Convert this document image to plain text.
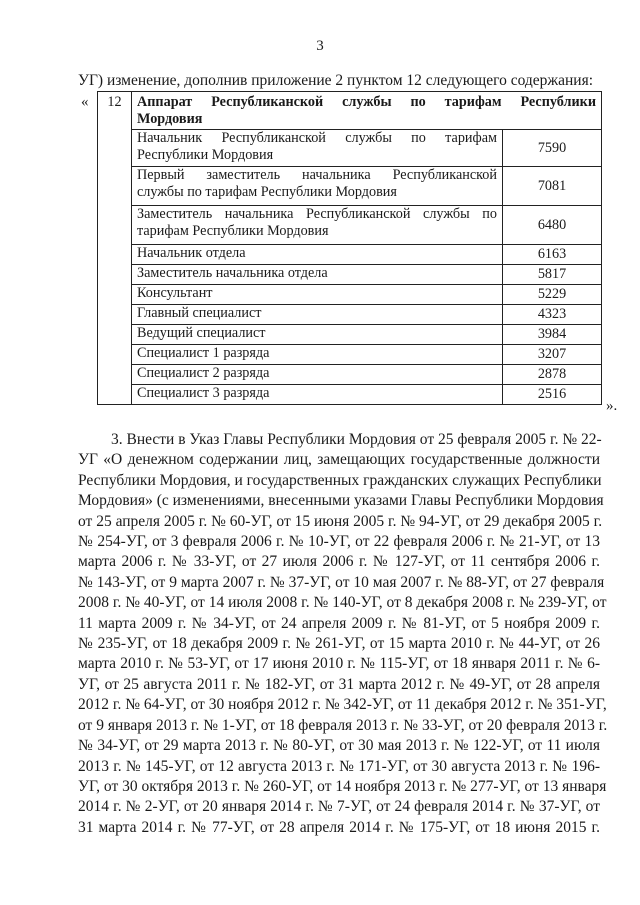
3
УГ) изменение, дополнив приложение 2 пунктом 12 следующего содержания:
« 12	Аппарат Республиканской службы по тарифам Республики
Мордовия	

	Начальник Республиканской службы по тарифам
Республики Мордовия	7590

	Первый заместитель начальника Республиканской
службы по тарифам Республики Мордовия	7081

	Заместитель начальника Республиканской службы по
тарифам Республики Мордовия	6480
	Начальник отдела	6163
	Заместитель начальника отдела	5817
	Консультант	5229
	Главный специалист	4323
	Ведущий специалист	3984
	Специалист 1 разряда	3207
	Специалист 2 разряда	2878
	Специалист 3 разряда	2516
».
3. Внести в Указ Главы Республики Мордовия от 25 февраля 2005 г. № 22-
УГ «О денежном содержании лиц, замещающих государственные должности
Республики Мордовия, и государственных гражданских служащих Республики
Мордовия» (с изменениями, внесенными указами Главы Республики Мордовия
от 25 апреля 2005 г. № 60-УГ, от 15 июня 2005 г. № 94-УГ, от 29 декабря 2005 г.
№ 254-УГ, от 3 февраля 2006 г. № 10-УГ, от 22 февраля 2006 г. № 21-УГ, от 13
марта 2006 г. № 33-УГ, от 27 июля 2006 г. № 127-УГ, от 11 сентября 2006 г.
№ 143-УГ, от 9 марта 2007 г. № 37-УГ, от 10 мая 2007 г. № 88-УГ, от 27 февраля
2008 г. № 40-УГ, от 14 июля 2008 г. № 140-УГ, от 8 декабря 2008 г. № 239-УГ, от
11 марта 2009 г. № 34-УГ, от 24 апреля 2009 г. № 81-УГ, от 5 ноября 2009 г.
№ 235-УГ, от 18 декабря 2009 г. № 261-УГ, от 15 марта 2010 г. № 44-УГ, от 26
марта 2010 г. № 53-УГ, от 17 июня 2010 г. № 115-УГ, от 18 января 2011 г. № 6-
УГ, от 25 августа 2011 г. № 182-УГ, от 31 марта 2012 г. № 49-УГ, от 28 апреля
2012 г. № 64-УГ, от 30 ноября 2012 г. № 342-УГ, от 11 декабря 2012 г. № 351-УГ,
от 9 января 2013 г. № 1-УГ, от 18 февраля 2013 г. № 33-УГ, от 20 февраля 2013 г.
№ 34-УГ, от 29 марта 2013 г. № 80-УГ, от 30 мая 2013 г. № 122-УГ, от 11 июля
2013 г. № 145-УГ, от 12 августа 2013 г. № 171-УГ, от 30 августа 2013 г. № 196-
УГ, от 30 октября 2013 г. № 260-УГ, от 14 ноября 2013 г. № 277-УГ, от 13 января
2014 г. № 2-УГ, от 20 января 2014 г. № 7-УГ, от 24 февраля 2014 г. № 37-УГ, от
31 марта 2014 г. № 77-УГ, от 28 апреля 2014 г. № 175-УГ, от 18 июня 2015 г.
